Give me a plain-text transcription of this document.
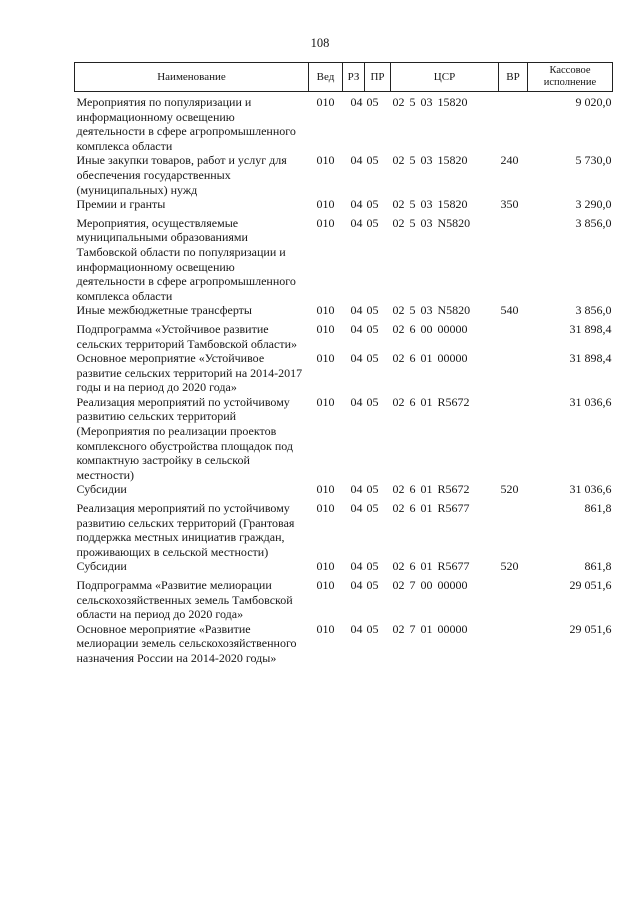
108
Наименование	Вед	РЗ	ПР	ЦСР	ВР	Кассовое исполнение
Мероприятия по популяризации и информационному освещению деятельности в сфере агропромышленного комплекса области	010	04	05	02 5 03 15820		9 020,0
Иные закупки товаров, работ и услуг для обеспечения государственных (муниципальных) нужд	010	04	05	02 5 03 15820	240	5 730,0
Премии и гранты	010	04	05	02 5 03 15820	350	3 290,0
Мероприятия, осуществляемые муниципальными образованиями Тамбовской области по популяризации и информационному освещению деятельности в сфере агропромышленного комплекса области	010	04	05	02 5 03 N5820		3 856,0
Иные межбюджетные трансферты	010	04	05	02 5 03 N5820	540	3 856,0
Подпрограмма «Устойчивое развитие сельских территорий Тамбовской области»	010	04	05	02 6 00 00000		31 898,4
Основное мероприятие «Устойчивое развитие сельских территорий на 2014-2017 годы и на период до 2020 года»	010	04	05	02 6 01 00000		31 898,4
Реализация мероприятий по устойчивому развитию сельских территорий (Мероприятия по реализации проектов комплексного обустройства площадок под компактную застройку в сельской местности)	010	04	05	02 6 01 R5672		31 036,6
Субсидии	010	04	05	02 6 01 R5672	520	31 036,6
Реализация мероприятий по устойчивому развитию сельских территорий (Грантовая поддержка местных инициатив граждан, проживающих в сельской местности)	010	04	05	02 6 01 R5677		861,8
Субсидии	010	04	05	02 6 01 R5677	520	861,8
Подпрограмма «Развитие мелиорации сельскохозяйственных земель Тамбовской области на период до 2020 года»	010	04	05	02 7 00 00000		29 051,6
Основное мероприятие «Развитие мелиорации земель сельскохозяйственного назначения России на 2014-2020 годы»	010	04	05	02 7 01 00000		29 051,6
